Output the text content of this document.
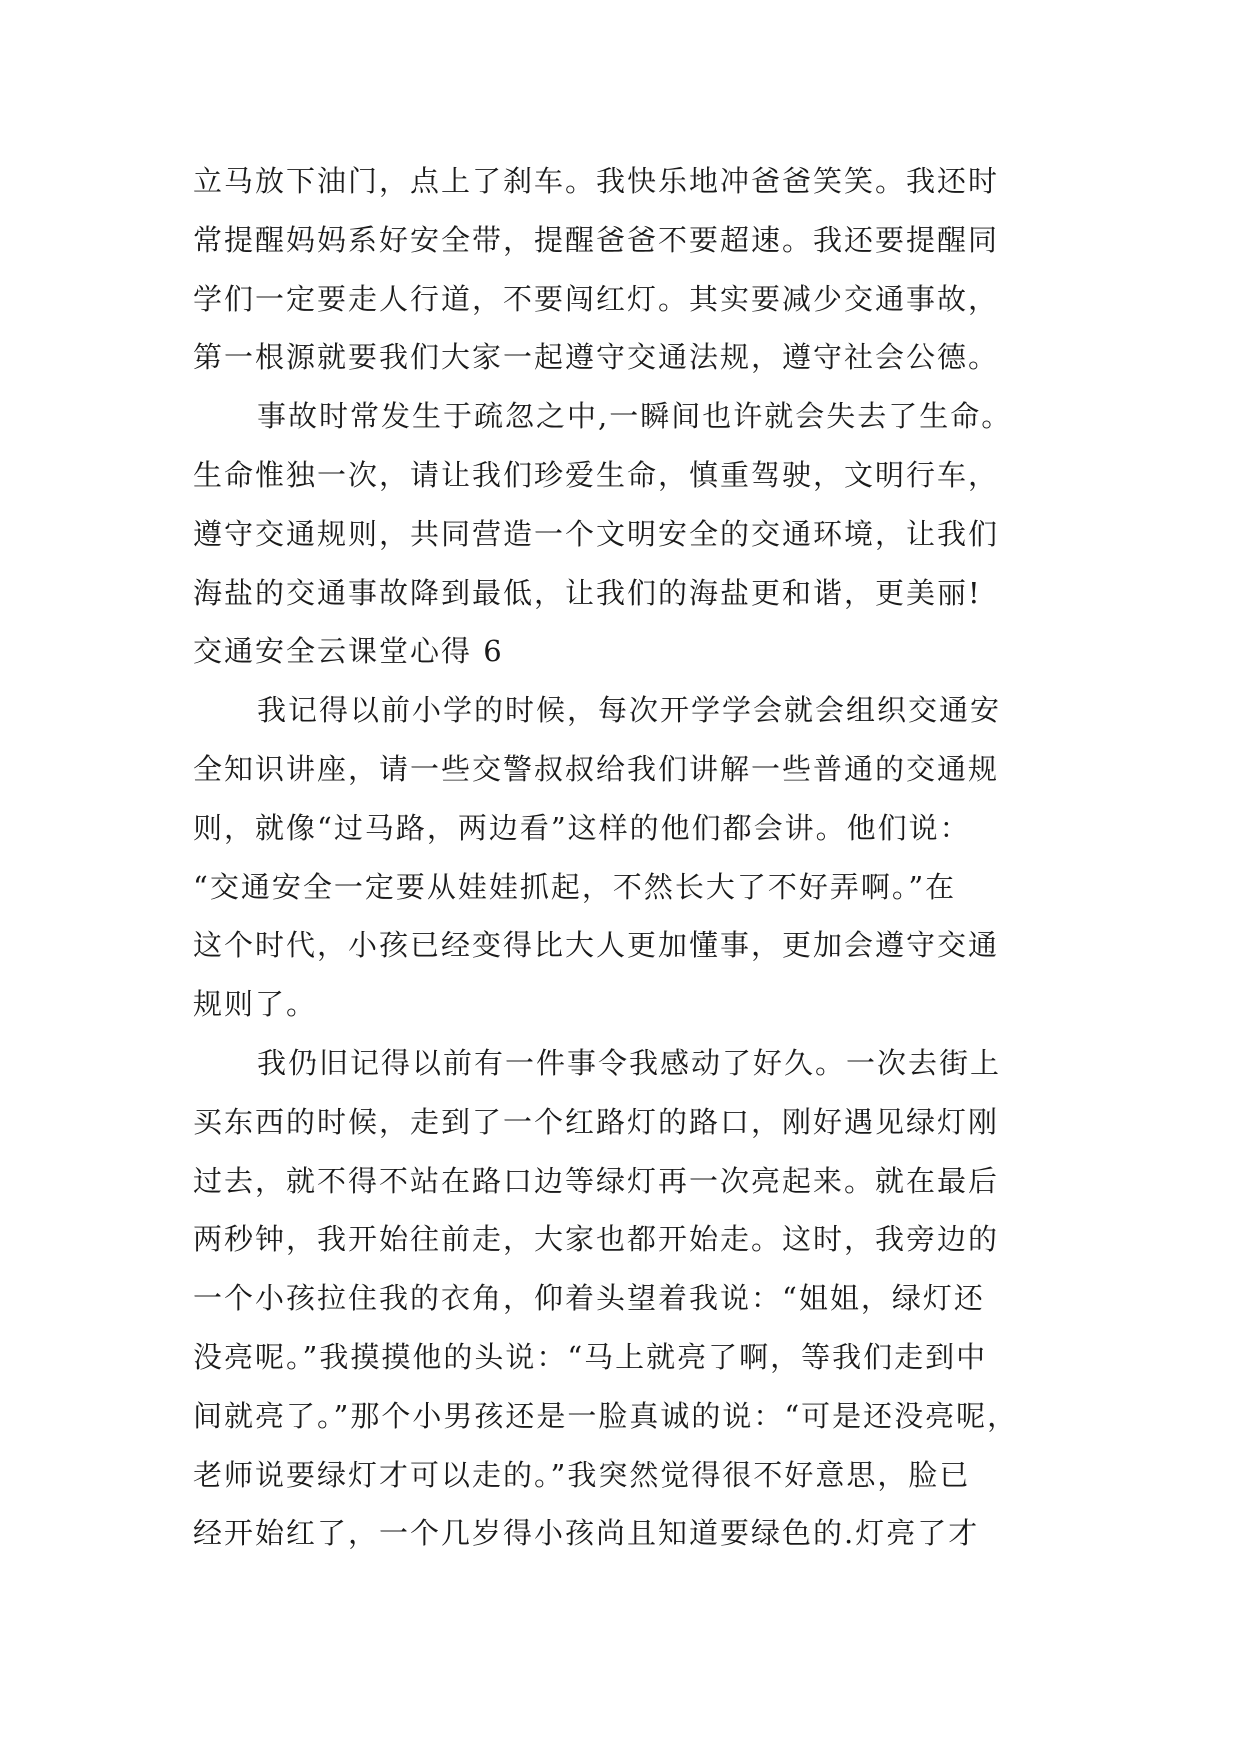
立马放下油门，点上了刹车。我快乐地冲爸爸笑笑。我还时
常提醒妈妈系好安全带，提醒爸爸不要超速。我还要提醒同
学们一定要走人行道，不要闯红灯。其实要减少交通事故，
第一根源就要我们大家一起遵守交通法规，遵守社会公德。
事故时常发生于疏忽之中,一瞬间也许就会失去了生命。
生命惟独一次，请让我们珍爱生命，慎重驾驶，文明行车，
遵守交通规则，共同营造一个文明安全的交通环境，让我们
海盐的交通事故降到最低，让我们的海盐更和谐，更美丽!
交通安全云课堂心得 6
我记得以前小学的时候，每次开学学会就会组织交通安
全知识讲座，请一些交警叔叔给我们讲解一些普通的交通规
则，就像“过马路，两边看”这样的他们都会讲。他们说：
“交通安全一定要从娃娃抓起，不然长大了不好弄啊。”在
这个时代，小孩已经变得比大人更加懂事，更加会遵守交通
规则了。
我仍旧记得以前有一件事令我感动了好久。一次去街上
买东西的时候，走到了一个红路灯的路口，刚好遇见绿灯刚
过去，就不得不站在路口边等绿灯再一次亮起来。就在最后
两秒钟，我开始往前走，大家也都开始走。这时，我旁边的
一个小孩拉住我的衣角，仰着头望着我说：“姐姐，绿灯还
没亮呢。”我摸摸他的头说：“马上就亮了啊，等我们走到中
间就亮了。”那个小男孩还是一脸真诚的说：“可是还没亮呢，
老师说要绿灯才可以走的。”我突然觉得很不好意思，脸已
经开始红了，一个几岁得小孩尚且知道要绿色的.灯亮了才
